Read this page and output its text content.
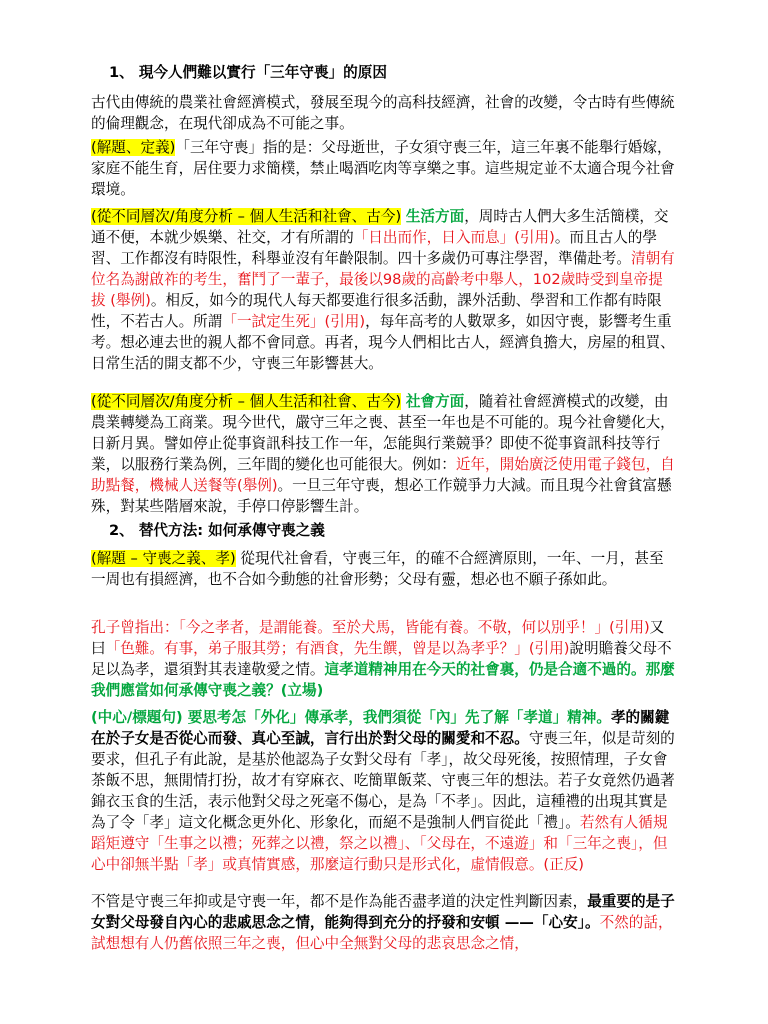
1、 現今人們難以實行「三年守喪」的原因

古代由傳統的農業社會經濟模式，發展至現今的高科技經濟，社會的改變，令古時有些傳統的倫理觀念，在現代卻成為不可能之事。

(解題、定義)「三年守喪」指的是：父母逝世，子女須守喪三年，這三年裏不能舉行婚嫁，家庭不能生育，居住要力求簡樸，禁止喝酒吃肉等享樂之事。這些規定並不太適合現今社會環境。

(從不同層次/角度分析 – 個人生活和社會、古今) 生活方面，周時古人們大多生活簡樸，交通不便，本就少娛樂、社交，才有所謂的「日出而作，日入而息」(引用)。而且古人的學習、工作都沒有時限性，科舉並沒有年齡限制。四十多歲仍可專注學習，準備赴考。清朝有位名為謝啟祚的考生，奮鬥了一輩子，最後以98歲的高齡考中舉人，102歲時受到皇帝提拔 (舉例)。相反，如今的現代人每天都要進行很多活動，課外活動、學習和工作都有時限性，不若古人。所謂「一試定生死」(引用)，每年高考的人數眾多，如因守喪，影響考生重考。想必連去世的親人都不會同意。再者，現今人們相比古人，經濟負擔大，房屋的租買、日常生活的開支都不少，守喪三年影響甚大。

(從不同層次/角度分析 – 個人生活和社會、古今) 社會方面，隨着社會經濟模式的改變，由農業轉變為工商業。現今世代，嚴守三年之喪、甚至一年也是不可能的。現今社會變化大，日新月異。譬如停止從事資訊科技工作一年，怎能與行業競爭？即使不從事資訊科技等行業，以服務行業為例，三年間的變化也可能很大。例如：近年，開始廣泛使用電子錢包，自助點餐，機械人送餐等(舉例)。一旦三年守喪，想必工作競爭力大減。而且現今社會貧富懸殊，對某些階層來說，手停口停影響生計。

2、 替代方法: 如何承傳守喪之義

(解題 – 守喪之義、孝) 從現代社會看，守喪三年，的確不合經濟原則，一年、一月，甚至一周也有損經濟，也不合如今動態的社會形勢；父母有靈，想必也不願子孫如此。

孔子曾指出：「今之孝者，是謂能養。至於犬馬，皆能有養。不敬，何以別乎！」(引用)又曰「色難。有事，弟子服其勞；有酒食，先生饌，曾是以為孝乎？」(引用)說明贍養父母不足以為孝，還須對其表達敬愛之情。這孝道精神用在今天的社會裏，仍是合適不過的。那麼我們應當如何承傳守喪之義？(立場)

(中心/標題句) 要思考怎「外化」傳承孝，我們須從「內」先了解「孝道」精神。孝的關鍵在於子女是否從心而發、真心至誠，言行出於對父母的關愛和不忍。守喪三年，似是苛刻的要求，但孔子有此說，是基於他認為子女對父母有「孝」，故父母死後，按照情理，子女會茶飯不思，無閒情打扮，故才有穿麻衣、吃簡單飯菜、守喪三年的想法。若子女竟然仍過著錦衣玉食的生活，表示他對父母之死毫不傷心，是為「不孝」。因此，這種禮的出現其實是為了令「孝」這文化概念更外化、形象化，而絕不是強制人們盲從此「禮」。若然有人循規蹈矩遵守「生事之以禮；死葬之以禮，祭之以禮」、「父母在，不遠遊」和「三年之喪」，但心中卻無半點「孝」或真情實感，那麼這行動只是形式化，虛情假意。(正反)

不管是守喪三年抑或是守喪一年，都不是作為能否盡孝道的決定性判斷因素，最重要的是子女對父母發自內心的悲戚思念之情，能夠得到充分的抒發和安頓 ——「心安」。不然的話，試想想有人仍舊依照三年之喪，但心中全無對父母的悲哀思念之情，
